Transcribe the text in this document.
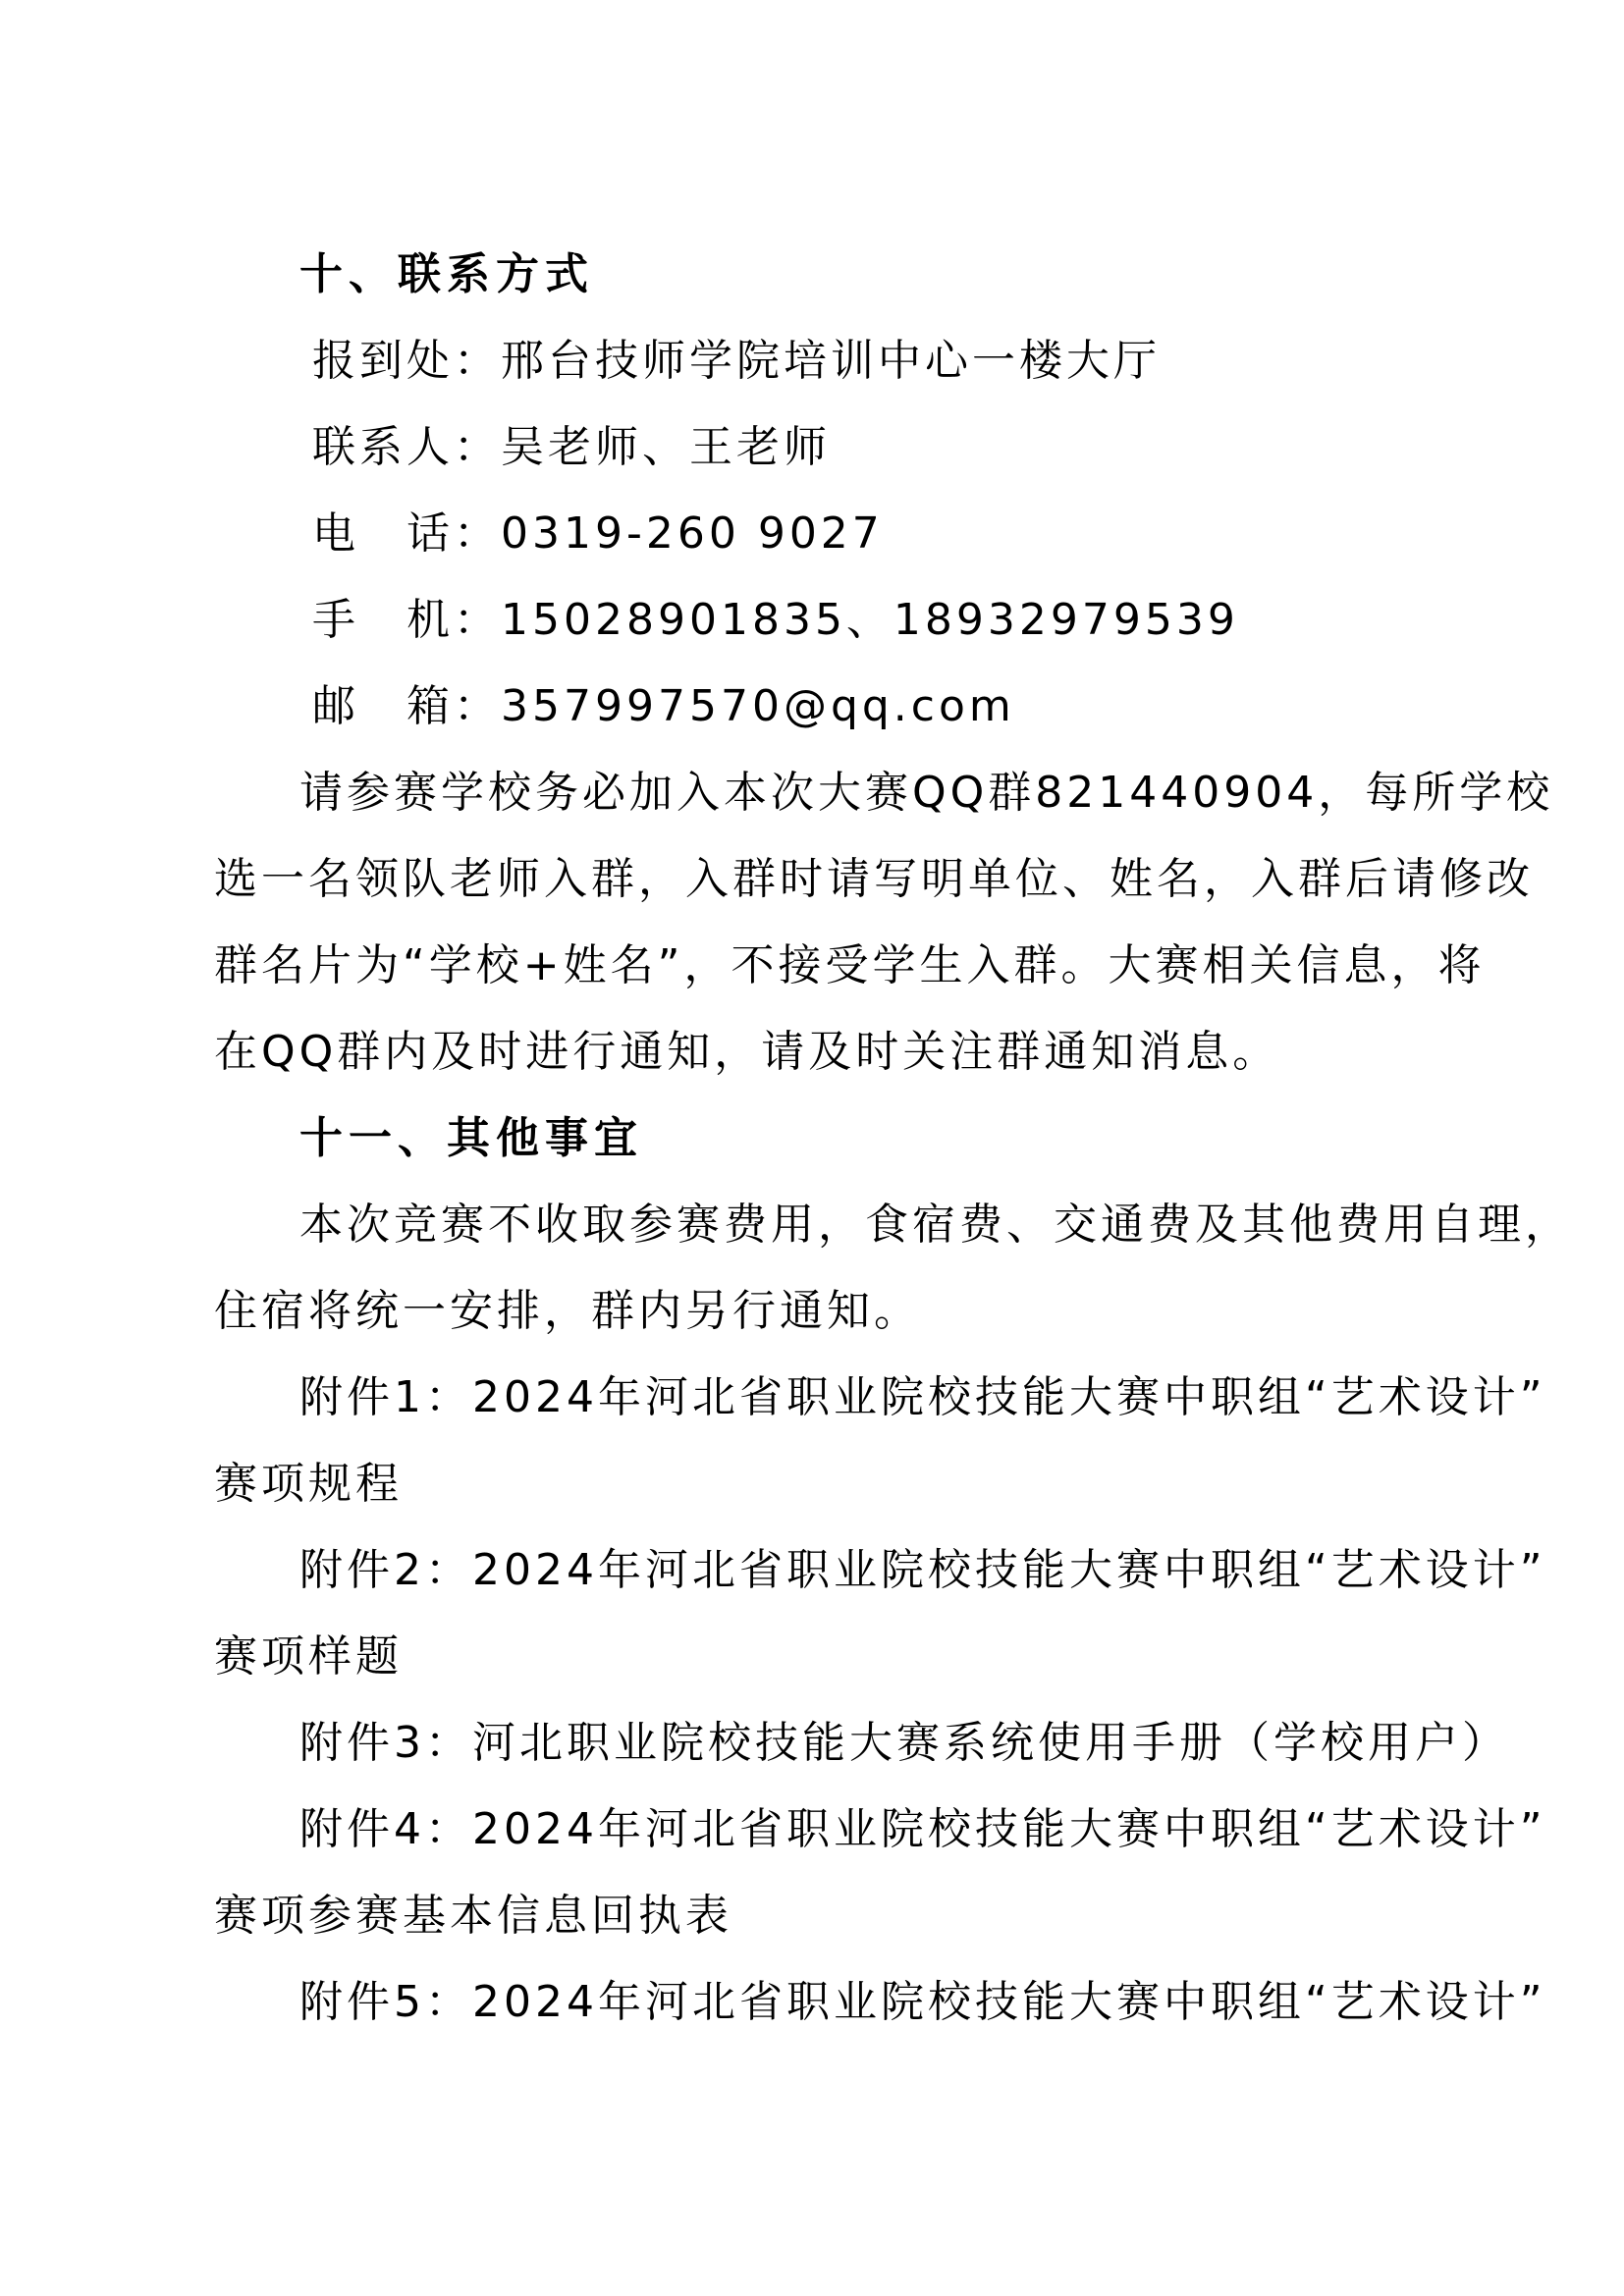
十、联系方式
报到处：邢台技师学院培训中心一楼大厅
联系人：吴老师、王老师
电　话：0319-260 9027
手　机：15028901835、18932979539
邮　箱：357997570@qq.com
请参赛学校务必加入本次大赛QQ群821440904，每所学校
选一名领队老师入群，入群时请写明单位、姓名，入群后请修改
群名片为“学校+姓名”，不接受学生入群。大赛相关信息，将
在QQ群内及时进行通知，请及时关注群通知消息。
十一、其他事宜
本次竞赛不收取参赛费用，食宿费、交通费及其他费用自理，
住宿将统一安排，群内另行通知。
附件1：2024年河北省职业院校技能大赛中职组“艺术设计”
赛项规程
附件2：2024年河北省职业院校技能大赛中职组“艺术设计”
赛项样题
附件3：河北职业院校技能大赛系统使用手册（学校用户）
附件4：2024年河北省职业院校技能大赛中职组“艺术设计”
赛项参赛基本信息回执表
附件5：2024年河北省职业院校技能大赛中职组“艺术设计”
